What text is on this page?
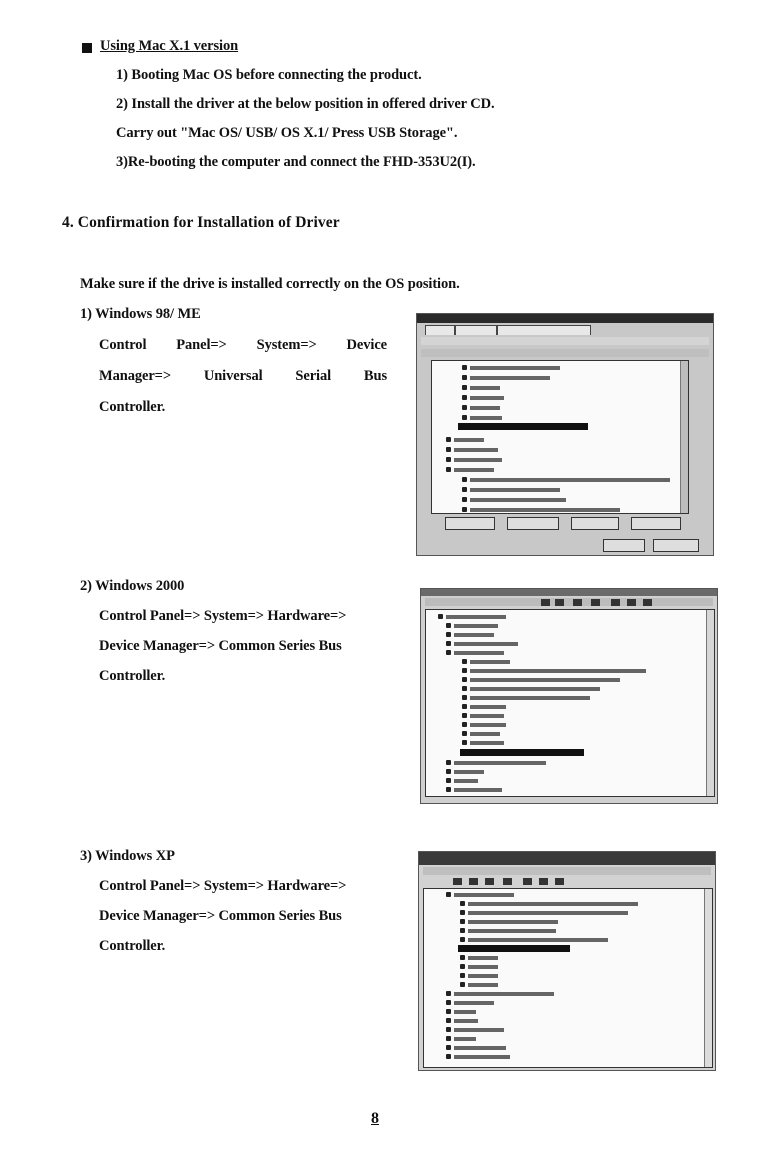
Using Mac X.1 version
1) Booting Mac OS before connecting the product.
2) Install the driver at the below position in offered driver CD.
Carry out "Mac OS/ USB/ OS X.1/ Press USB Storage".
3)Re-booting the computer and connect the FHD-353U2(I).
4. Confirmation for Installation of Driver
Make sure if the drive is installed correctly on the OS position.
1) Windows 98/ ME
Control Panel=> System=> Device
Manager=> Universal Serial Bus
Controller.
2) Windows 2000
Control Panel=> System=> Hardware=>
Device Manager=> Common Series Bus
Controller.
3) Windows XP
Control Panel=> System=> Hardware=>
Device Manager=> Common Series Bus
Controller.
8
